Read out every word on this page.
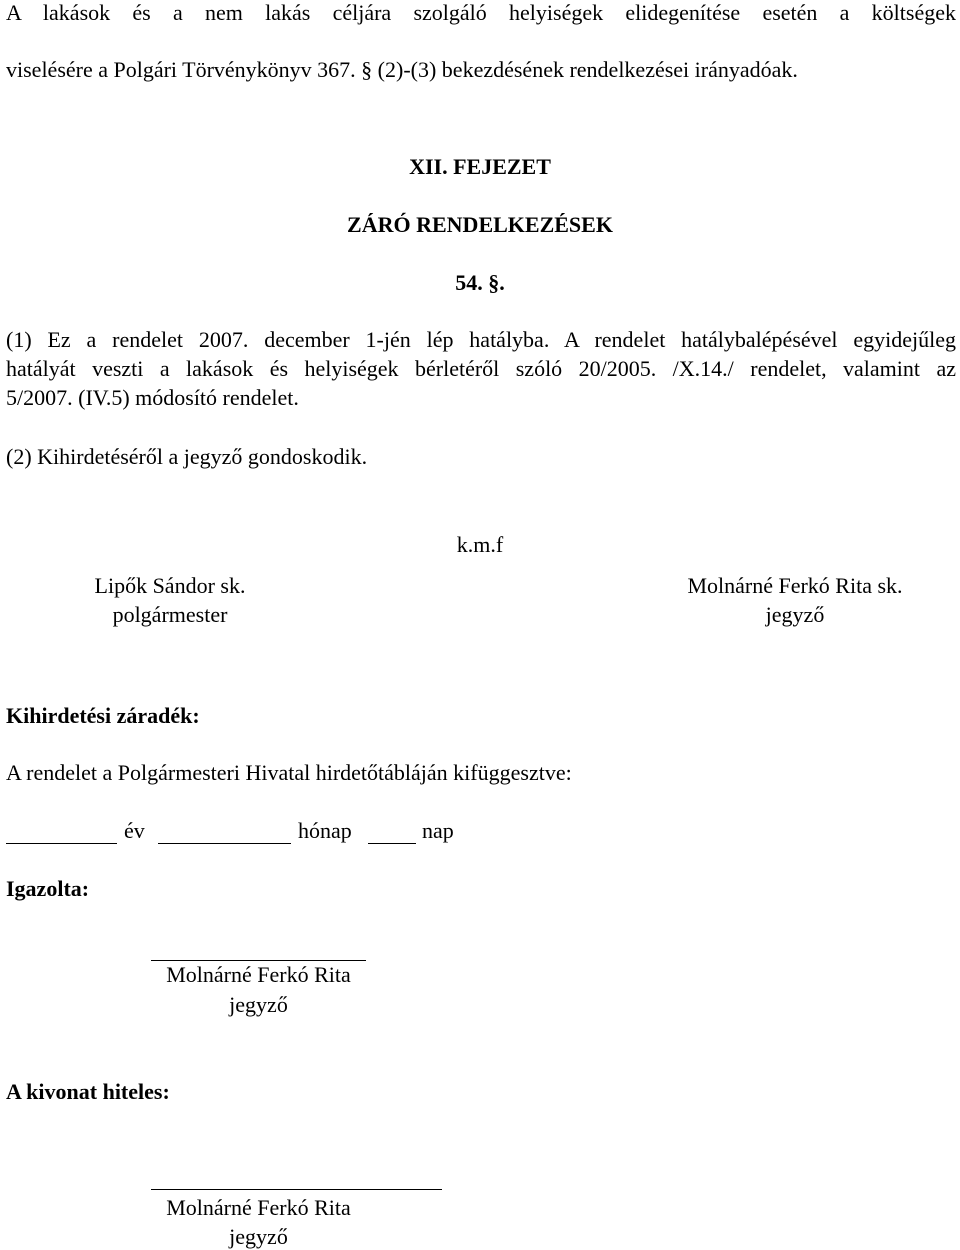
A lakások és a nem lakás céljára szolgáló helyiségek elidegenítése esetén a költségek
viselésére a Polgári Törvénykönyv 367. § (2)-(3) bekezdésének rendelkezései irányadóak.
XII. FEJEZET
ZÁRÓ RENDELKEZÉSEK
54. §.
(1) Ez a rendelet 2007. december 1-jén lép hatályba. A rendelet hatálybalépésével egyidejűleg
hatályát veszti a lakások és helyiségek bérletéről szóló 20/2005. /X.14./ rendelet, valamint az
5/2007. (IV.5) módosító rendelet.
(2) Kihirdetéséről a jegyző gondoskodik.
k.m.f
Lipők Sándor sk.
polgármester
Molnárné Ferkó Rita sk.
jegyző
Kihirdetési záradék:
A rendelet a Polgármesteri Hivatal hirdetőtábláján kifüggesztve:
év	hónap	nap
Igazolta:
Molnárné Ferkó Rita
jegyző
A kivonat hiteles:
Molnárné Ferkó Rita
jegyző
